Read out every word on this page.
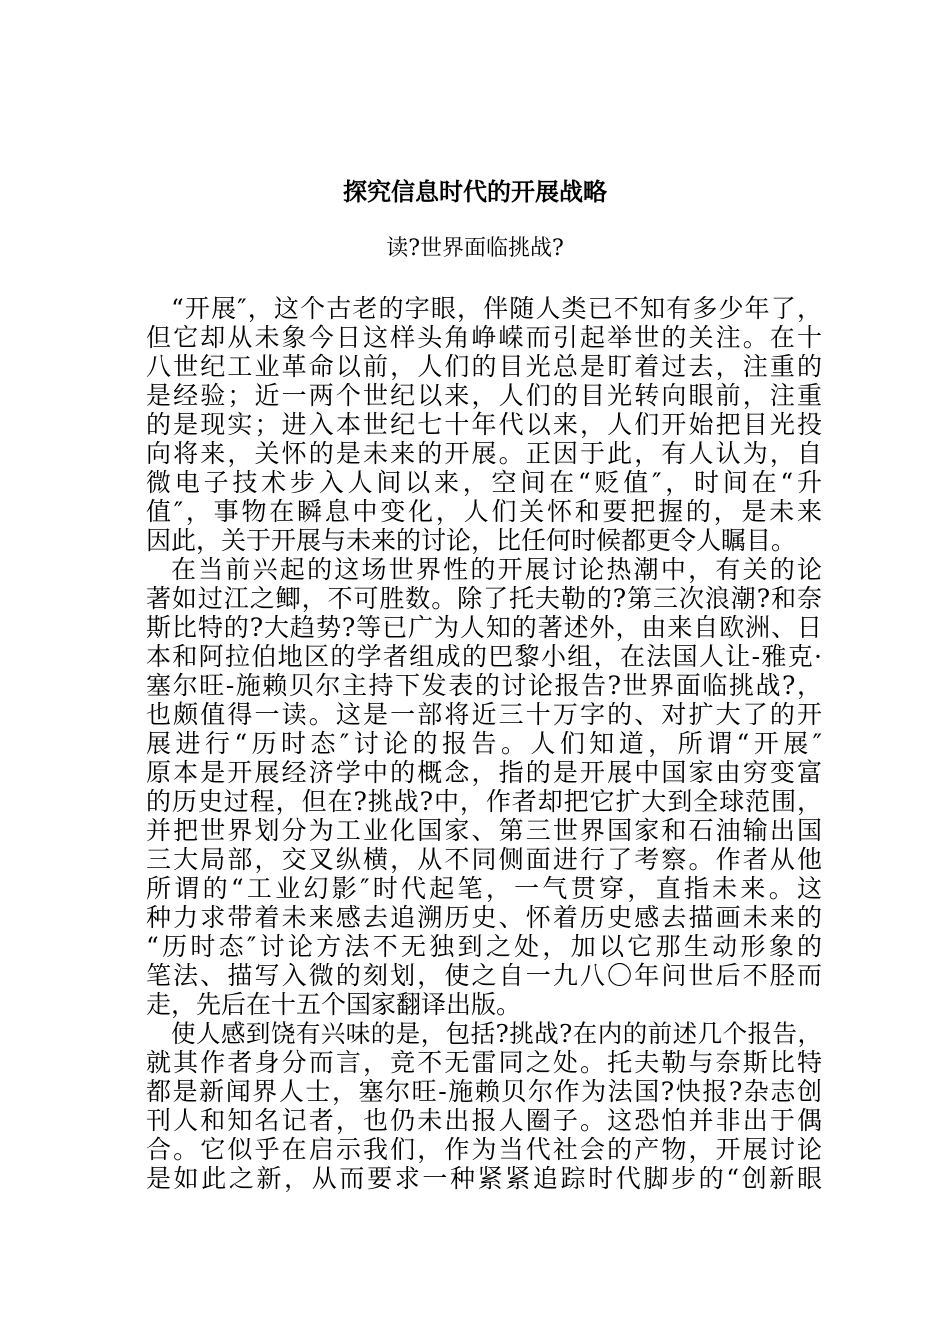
探究信息时代的开展战略
读?世界面临挑战?
“开展″，这个古老的字眼，伴随人类已不知有多少年了，
但它却从未象今日这样头角峥嵘而引起举世的关注。在十
八世纪工业革命以前，人们的目光总是盯着过去，注重的
是经验；近一两个世纪以来，人们的目光转向眼前，注重
的是现实；进入本世纪七十年代以来，人们开始把目光投
向将来，关怀的是未来的开展。正因于此，有人认为，自
微电子技术步入人间以来，空间在“贬值″，时间在“升
值″，事物在瞬息中变化，人们关怀和要把握的，是未来
因此，关于开展与未来的讨论，比任何时候都更令人瞩目。
在当前兴起的这场世界性的开展讨论热潮中，有关的论
著如过江之鲫，不可胜数。除了托夫勒的?第三次浪潮?和奈
斯比特的?大趋势?等已广为人知的著述外，由来自欧洲、日
本和阿拉伯地区的学者组成的巴黎小组，在法国人让-雅克·
塞尔旺-施赖贝尔主持下发表的讨论报告?世界面临挑战?，
也颇值得一读。这是一部将近三十万字的、对扩大了的开
展进行“历时态″讨论的报告。人们知道，所谓“开展″
原本是开展经济学中的概念，指的是开展中国家由穷变富
的历史过程，但在?挑战?中，作者却把它扩大到全球范围，
并把世界划分为工业化国家、第三世界国家和石油输出国
三大局部，交叉纵横，从不同侧面进行了考察。作者从他
所谓的“工业幻影″时代起笔，一气贯穿，直指未来。这
种力求带着未来感去追溯历史、怀着历史感去描画未来的
“历时态″讨论方法不无独到之处，加以它那生动形象的
笔法、描写入微的刻划，使之自一九八〇年问世后不胫而
走，先后在十五个国家翻译出版。
使人感到饶有兴味的是，包括?挑战?在内的前述几个报告，
就其作者身分而言，竞不无雷同之处。托夫勒与奈斯比特
都是新闻界人士，塞尔旺-施赖贝尔作为法国?快报?杂志创
刊人和知名记者，也仍未出报人圈子。这恐怕并非出于偶
合。它似乎在启示我们，作为当代社会的产物，开展讨论
是如此之新，从而要求一种紧紧追踪时代脚步的“创新眼
